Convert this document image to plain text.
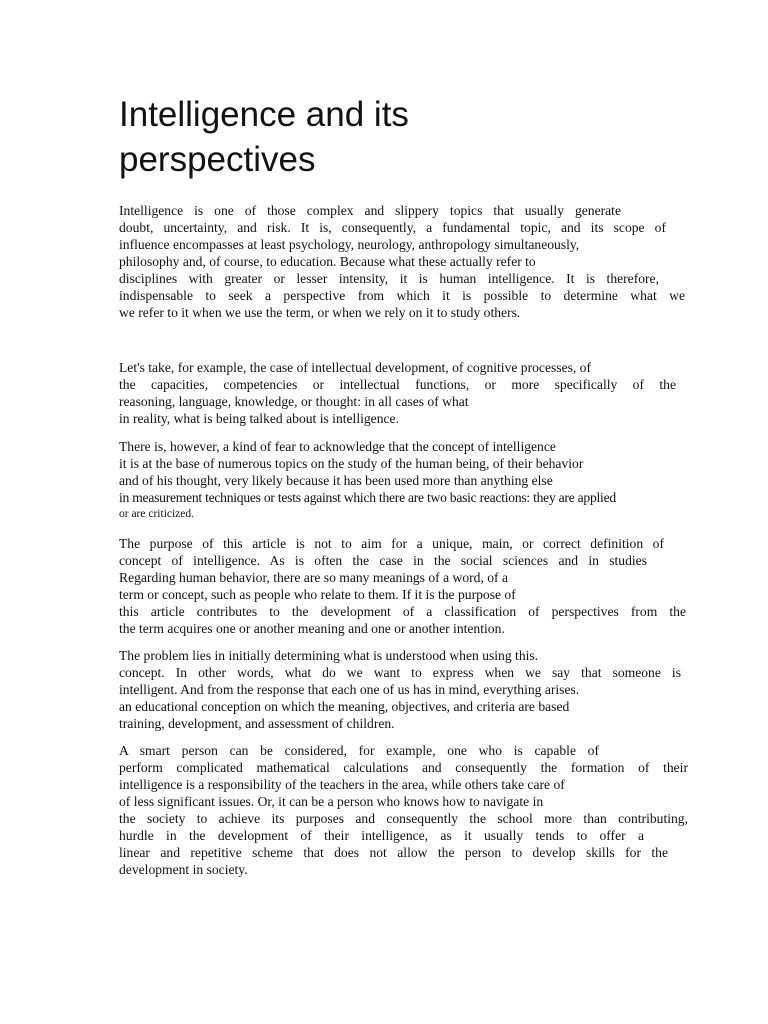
Intelligence and its
perspectives
Intelligence is one of those complex and slippery topics that usually generate
doubt, uncertainty, and risk. It is, consequently, a fundamental topic, and its scope of
influence encompasses at least psychology, neurology, anthropology simultaneously,
philosophy and, of course, to education. Because what these actually refer to
disciplines with greater or lesser intensity, it is human intelligence. It is therefore,
indispensable to seek a perspective from which it is possible to determine what we
we refer to it when we use the term, or when we rely on it to study others.
Let's take, for example, the case of intellectual development, of cognitive processes, of
the capacities, competencies or intellectual functions, or more specifically of the
reasoning, language, knowledge, or thought: in all cases of what
in reality, what is being talked about is intelligence.
There is, however, a kind of fear to acknowledge that the concept of intelligence
it is at the base of numerous topics on the study of the human being, of their behavior
and of his thought, very likely because it has been used more than anything else
in measurement techniques or tests against which there are two basic reactions: they are applied
or are criticized.
The purpose of this article is not to aim for a unique, main, or correct definition of
concept of intelligence. As is often the case in the social sciences and in studies
Regarding human behavior, there are so many meanings of a word, of a
term or concept, such as people who relate to them. If it is the purpose of
this article contributes to the development of a classification of perspectives from the
the term acquires one or another meaning and one or another intention.
The problem lies in initially determining what is understood when using this.
concept. In other words, what do we want to express when we say that someone is
intelligent. And from the response that each one of us has in mind, everything arises.
an educational conception on which the meaning, objectives, and criteria are based
training, development, and assessment of children.
A smart person can be considered, for example, one who is capable of
perform complicated mathematical calculations and consequently the formation of their
intelligence is a responsibility of the teachers in the area, while others take care of
of less significant issues. Or, it can be a person who knows how to navigate in
the society to achieve its purposes and consequently the school more than contributing,
hurdle in the development of their intelligence, as it usually tends to offer a
linear and repetitive scheme that does not allow the person to develop skills for the
development in society.
